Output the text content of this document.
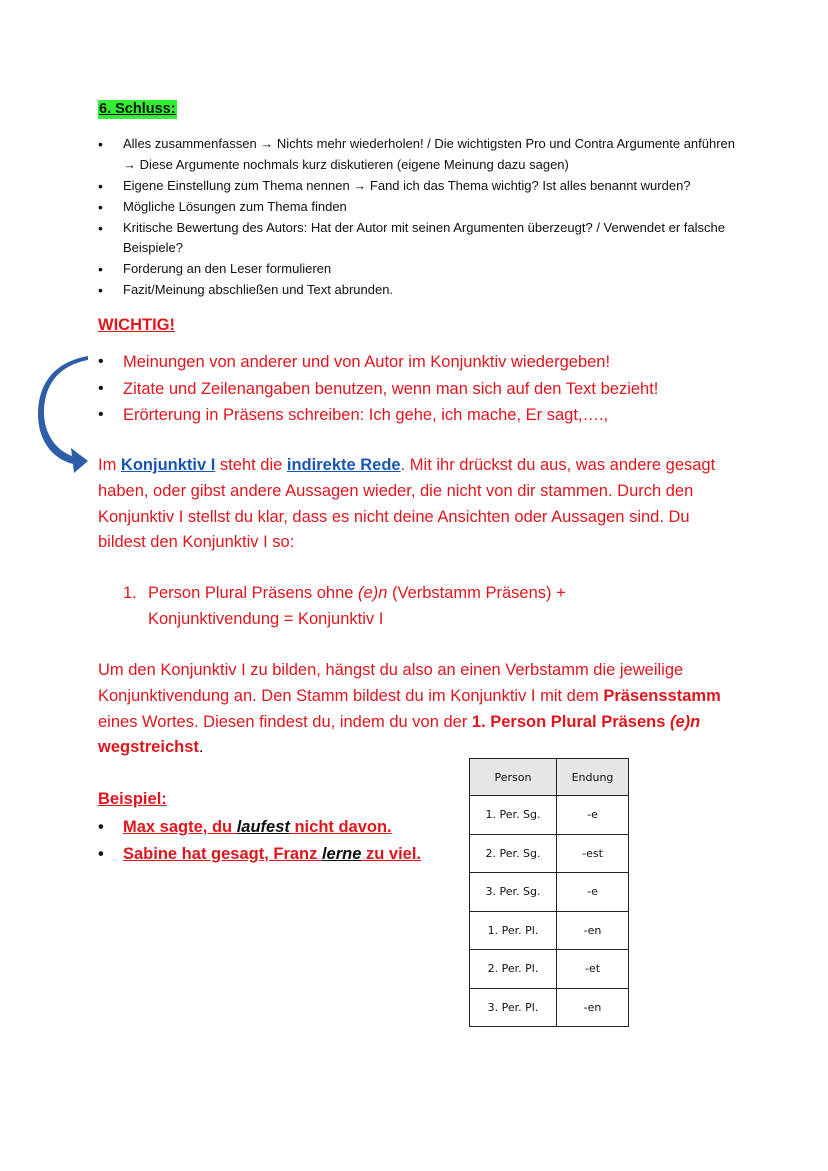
6. Schluss:
• Alles zusammenfassen → Nichts mehr wiederholen! / Die wichtigsten Pro und Contra Argumente anführen → Diese Argumente nochmals kurz diskutieren (eigene Meinung dazu sagen)
• Eigene Einstellung zum Thema nennen → Fand ich das Thema wichtig? Ist alles benannt wurden?
• Mögliche Lösungen zum Thema finden
• Kritische Bewertung des Autors: Hat der Autor mit seinen Argumenten überzeugt? / Verwendet er falsche Beispiele?
• Forderung an den Leser formulieren
• Fazit/Meinung abschließen und Text abrunden.
WICHTIG!
• Meinungen von anderer und von Autor im Konjunktiv wiedergeben!
• Zitate und Zeilenangaben benutzen, wenn man sich auf den Text bezieht!
• Erörterung in Präsens schreiben: Ich gehe, ich mache, Er sagt,….,
Im Konjunktiv I steht die indirekte Rede. Mit ihr drückst du aus, was andere gesagt haben, oder gibst andere Aussagen wieder, die nicht von dir stammen. Durch den Konjunktiv I stellst du klar, dass es nicht deine Ansichten oder Aussagen sind. Du bildest den Konjunktiv I so:
1. Person Plural Präsens ohne (e)n (Verbstamm Präsens) + Konjunktivendung = Konjunktiv I
Um den Konjunktiv I zu bilden, hängst du also an einen Verbstamm die jeweilige Konjunktivendung an. Den Stamm bildest du im Konjunktiv I mit dem Präsensstamm eines Wortes. Diesen findest du, indem du von der 1. Person Plural Präsens (e)n wegstreichst.
Beispiel:
• Max sagte, du laufest nicht davon.
• Sabine hat gesagt, Franz lerne zu viel.
Person	Endung
1. Per. Sg.	-e
2. Per. Sg.	-est
3. Per. Sg.	-e
1. Per. Pl.	-en
2. Per. Pl.	-et
3. Per. Pl.	-en
